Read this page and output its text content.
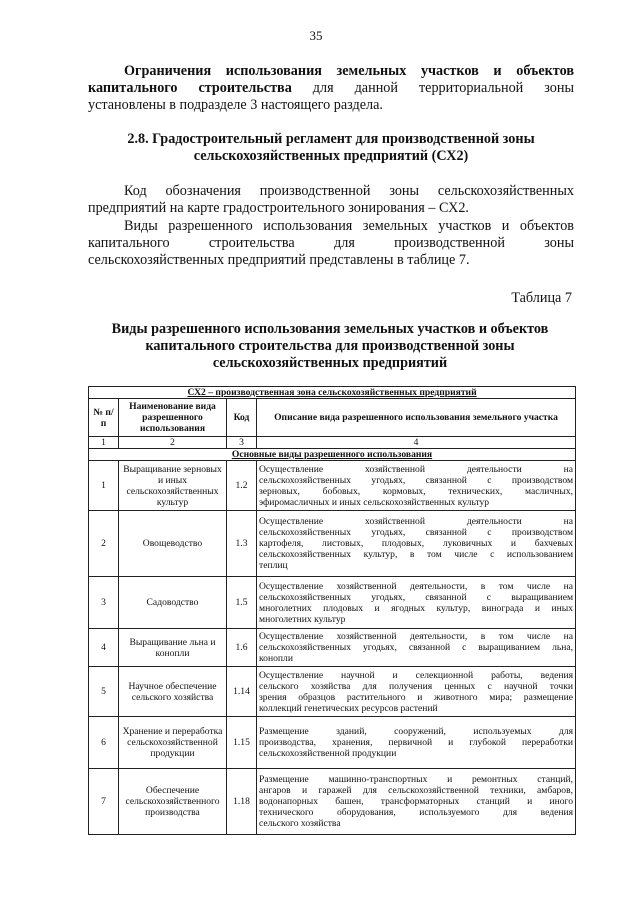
35
Ограничения использования земельных участков и объектов
капитального строительства для данной территориальной зоны
установлены в подразделе 3 настоящего раздела.
2.8. Градостроительный регламент для производственной зоны
сельскохозяйственных предприятий (СХ2)
Код обозначения производственной зоны сельскохозяйственных
предприятий на карте градостроительного зонирования – СХ2.
Виды разрешенного использования земельных участков и объектов
капитального строительства для производственной зоны
сельскохозяйственных предприятий представлены в таблице 7.
Таблица 7
Виды разрешенного использования земельных участков и объектов
капитального строительства для производственной зоны
сельскохозяйственных предприятий
СХ2 – производственная зона сельскохозяйственных предприятий			
№ п/п	Наименование вида разрешенного использования	Код	Описание вида разрешенного использования земельного участка
1	2	3	4
Основные виды разрешенного использования			
1	Выращивание зерновых и иных сельскохозяйственных культур	1.2	Осуществление хозяйственной деятельности на
сельскохозяйственных угодьях, связанной с производством
зерновых, бобовых, кормовых, технических, масличных,
эфиромасличных и иных сельскохозяйственных культур

2	Овощеводство	1.3	Осуществление хозяйственной деятельности на
сельскохозяйственных угодьях, связанной с производством
картофеля, листовых, плодовых, луковичных и бахчевых
сельскохозяйственных культур, в том числе с использованием
теплиц

3	Садоводство	1.5	Осуществление хозяйственной деятельности, в том числе на
сельскохозяйственных угодьях, связанной с выращиванием
многолетних плодовых и ягодных культур, винограда и иных
многолетних культур

4	Выращивание льна и конопли	1.6	Осуществление хозяйственной деятельности, в том числе на
сельскохозяйственных угодьях, связанной с выращиванием льна,
конопли

5	Научное обеспечение сельского хозяйства	1.14	Осуществление научной и селекционной работы, ведения
сельского хозяйства для получения ценных с научной точки
зрения образцов растительного и животного мира; размещение
коллекций генетических ресурсов растений

6	Хранение и переработка сельскохозяйственной продукции	1.15	Размещение зданий, сооружений, используемых для
производства, хранения, первичной и глубокой переработки
сельскохозяйственной продукции

7	Обеспечение сельскохозяйственного производства	1.18	Размещение машинно-транспортных и ремонтных станций,
ангаров и гаражей для сельскохозяйственной техники, амбаров,
водонапорных башен, трансформаторных станций и иного
технического оборудования, используемого для ведения
сельского хозяйства
